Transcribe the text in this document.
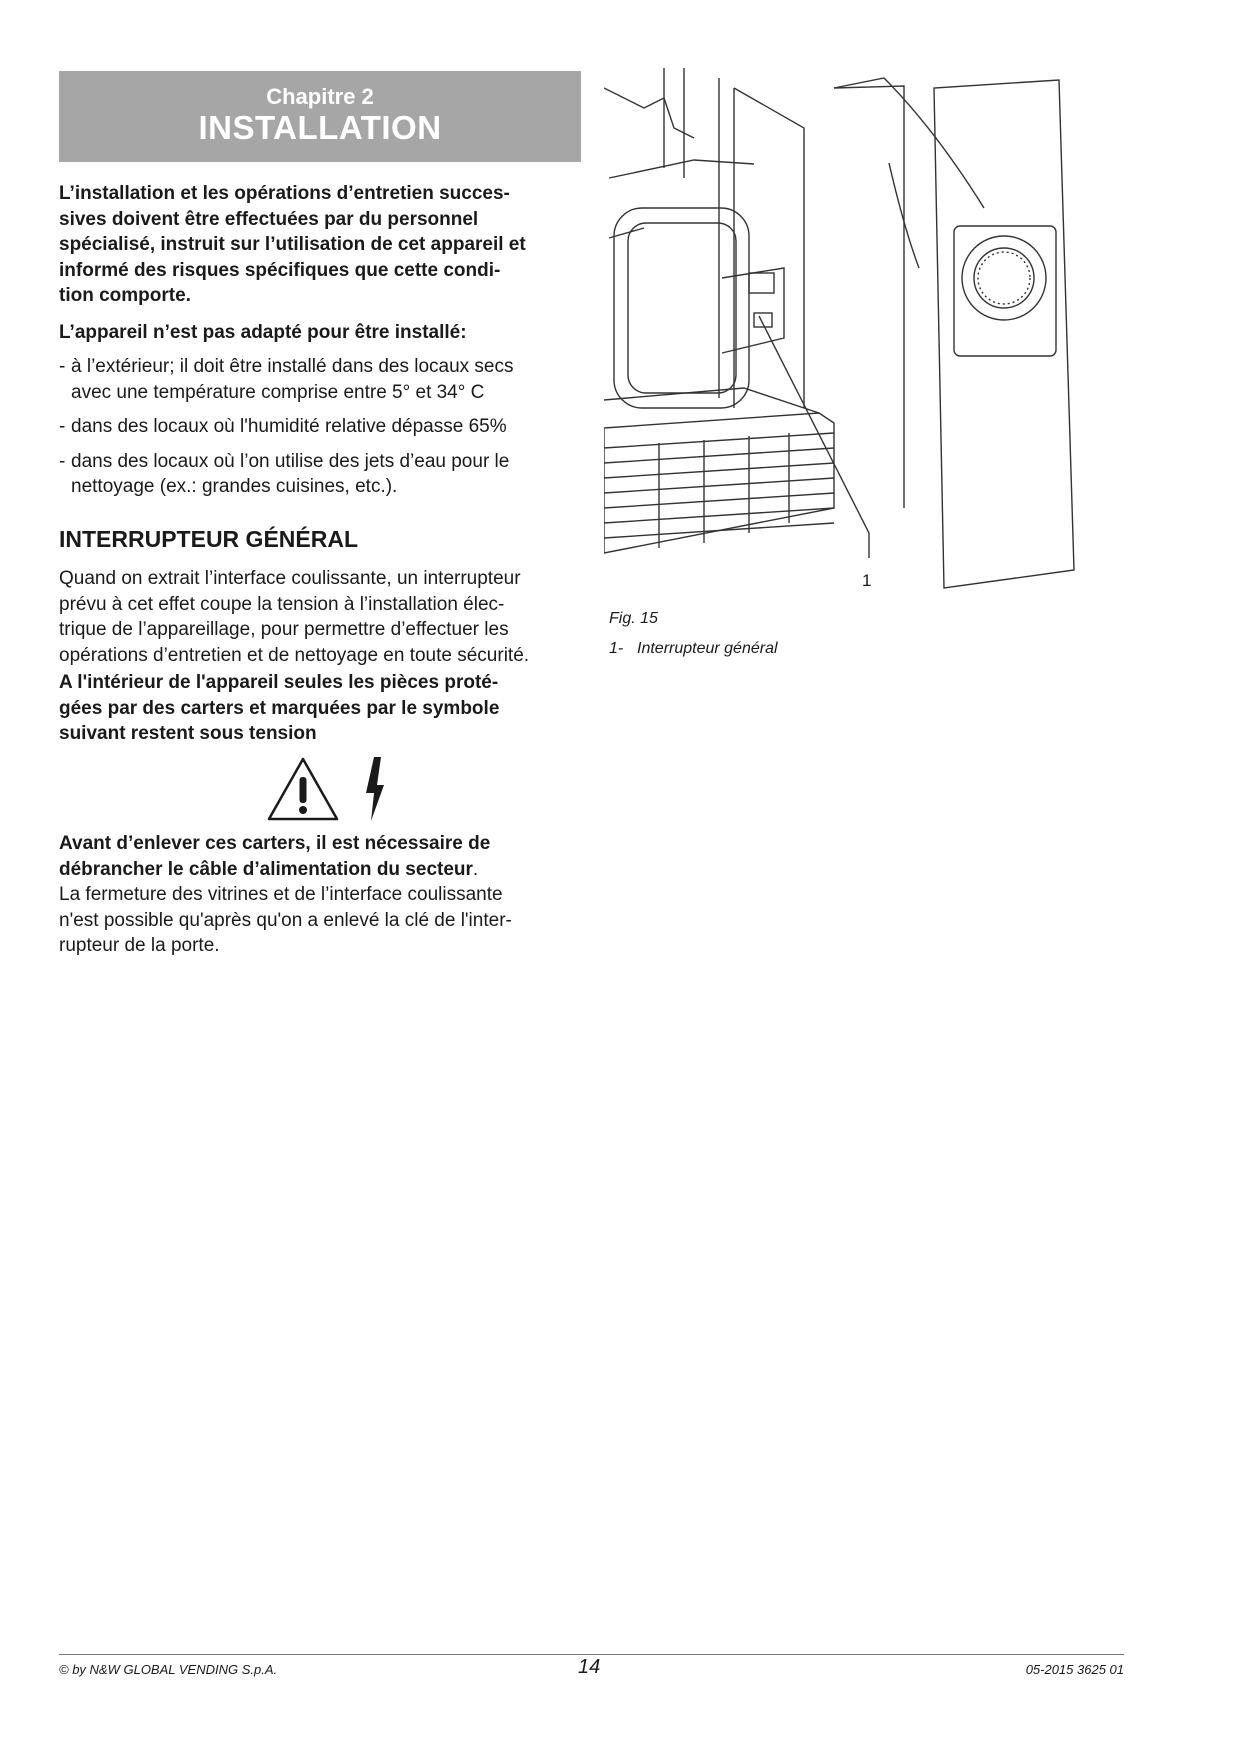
Chapitre 2
INSTALLATION

L’installation et les opérations d’entretien succes-

sives doivent être effectuées par du personnel

spécialisé, instruit sur l’utilisation de cet appareil et

informé des risques spécifiques que cette condi-

tion comporte.

L’appareil n’est pas adapté pour être installé:

- à l’extérieur; il doit être installé dans des locaux secs

avec une température comprise entre 5° et 34° C

- dans des locaux où l'humidité relative dépasse 65%

- dans des locaux où l’on utilise des jets d’eau pour le

nettoyage (ex.: grandes cuisines, etc.).

INTERRUPTEUR GÉNÉRAL

Quand on extrait l’interface coulissante, un interrupteur

prévu à cet effet coupe la tension à l’installation élec-

trique de l’appareillage, pour permettre d’effectuer les

opérations d’entretien et de nettoyage en toute sécurité.

A l'intérieur de l'appareil seules les pièces proté-

gées par des carters et marquées par le symbole

suivant restent sous tension

Avant d’enlever ces carters, il est nécessaire de

débrancher le câble d’alimentation du secteur.

La fermeture des vitrines et de l’interface coulissante

n'est possible qu'après qu'on a enlevé la clé de l'inter-

rupteur de la porte.

1
Fig. 15
1- Interrupteur général
© by N&W GLOBAL VENDING S.p.A.	14	05-2015 3625 01
